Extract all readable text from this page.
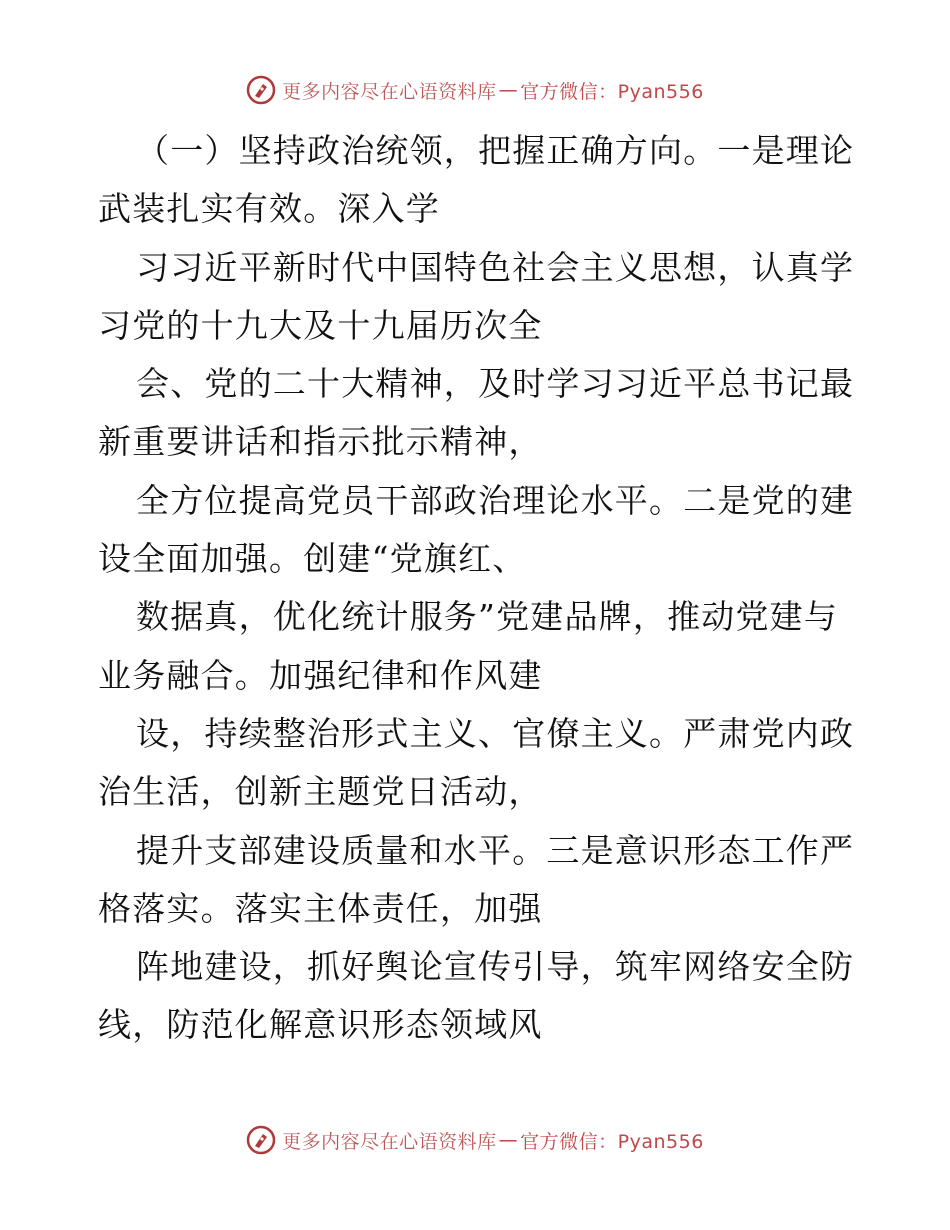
更多内容尽在心语资料库 — 官方微信：Pyan556
（一）坚持政治统领，把握正确方向。一是理论
武装扎实有效。深入学
习习近平新时代中国特色社会主义思想，认真学
习党的十九大及十九届历次全
会、党的二十大精神，及时学习习近平总书记最
新重要讲话和指示批示精神，
全方位提高党员干部政治理论水平。二是党的建
设全面加强。创建“党旗红、
数据真，优化统计服务”党建品牌，推动党建与
业务融合。加强纪律和作风建
设，持续整治形式主义、官僚主义。严肃党内政
治生活，创新主题党日活动，
提升支部建设质量和水平。三是意识形态工作严
格落实。落实主体责任，加强
阵地建设，抓好舆论宣传引导，筑牢网络安全防
线，防范化解意识形态领域风
更多内容尽在心语资料库 — 官方微信：Pyan556
